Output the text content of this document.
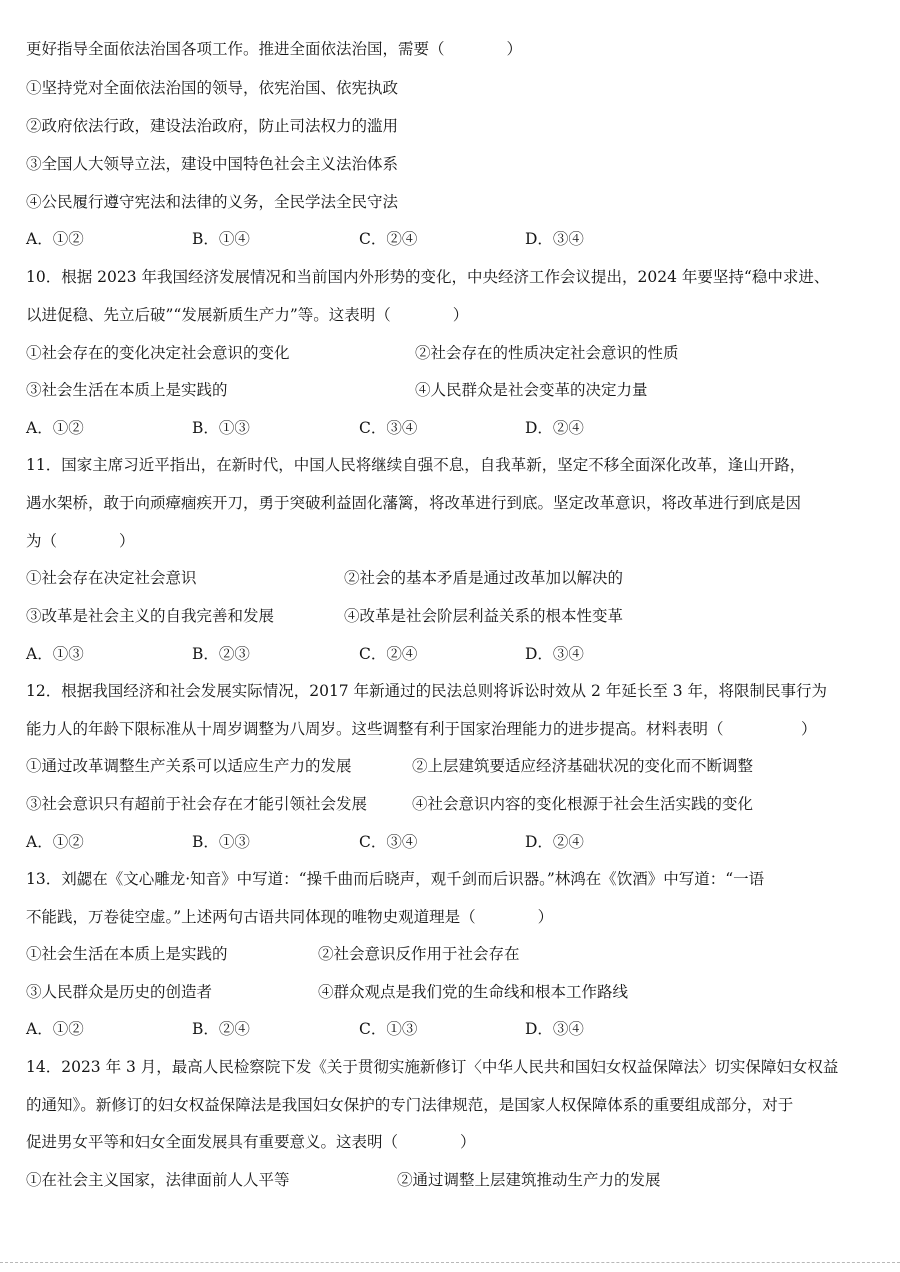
更好指导全面依法治国各项工作。推进全面依法治国，需要（　　　　）
①坚持党对全面依法治国的领导，依宪治国、依宪执政
②政府依法行政，建设法治政府，防止司法权力的滥用
③全国人大领导立法，建设中国特色社会主义法治体系
④公民履行遵守宪法和法律的义务，全民学法全民守法
A．①②	B．①④	C．②④	D．③④
10．根据 2023 年我国经济发展情况和当前国内外形势的变化，中央经济工作会议提出，2024 年要坚持“稳中求进、
以进促稳、先立后破”“发展新质生产力”等。这表明（　　　　）
①社会存在的变化决定社会意识的变化	②社会存在的性质决定社会意识的性质
③社会生活在本质上是实践的	④人民群众是社会变革的决定力量
A．①②	B．①③	C．③④	D．②④
11．国家主席习近平指出，在新时代，中国人民将继续自强不息，自我革新，坚定不移全面深化改革，逢山开路，
遇水架桥，敢于向顽瘴痼疾开刀，勇于突破利益固化藩篱，将改革进行到底。坚定改革意识，将改革进行到底是因
为（　　　　）
①社会存在决定社会意识	②社会的基本矛盾是通过改革加以解决的
③改革是社会主义的自我完善和发展	④改革是社会阶层利益关系的根本性变革
A．①③	B．②③	C．②④	D．③④
12．根据我国经济和社会发展实际情况，2017 年新通过的民法总则将诉讼时效从 2 年延长至 3 年，将限制民事行为
能力人的年龄下限标准从十周岁调整为八周岁。这些调整有利于国家治理能力的进步提高。材料表明（　　　　　）
①通过改革调整生产关系可以适应生产力的发展	②上层建筑要适应经济基础状况的变化而不断调整
③社会意识只有超前于社会存在才能引领社会发展	④社会意识内容的变化根源于社会生活实践的变化
A．①②	B．①③	C．③④	D．②④
13．刘勰在《文心雕龙·知音》中写道：“操千曲而后晓声，观千剑而后识器。”林鸿在《饮酒》中写道：“一语
不能践，万卷徒空虚。”上述两句古语共同体现的唯物史观道理是（　　　　）
①社会生活在本质上是实践的	②社会意识反作用于社会存在
③人民群众是历史的创造者	④群众观点是我们党的生命线和根本工作路线
A．①②	B．②④	C．①③	D．③④
14．2023 年 3 月，最高人民检察院下发《关于贯彻实施新修订〈中华人民共和国妇女权益保障法〉切实保障妇女权益
的通知》。新修订的妇女权益保障法是我国妇女保护的专门法律规范，是国家人权保障体系的重要组成部分，对于
促进男女平等和妇女全面发展具有重要意义。这表明（　　　　）
①在社会主义国家，法律面前人人平等	②通过调整上层建筑推动生产力的发展
